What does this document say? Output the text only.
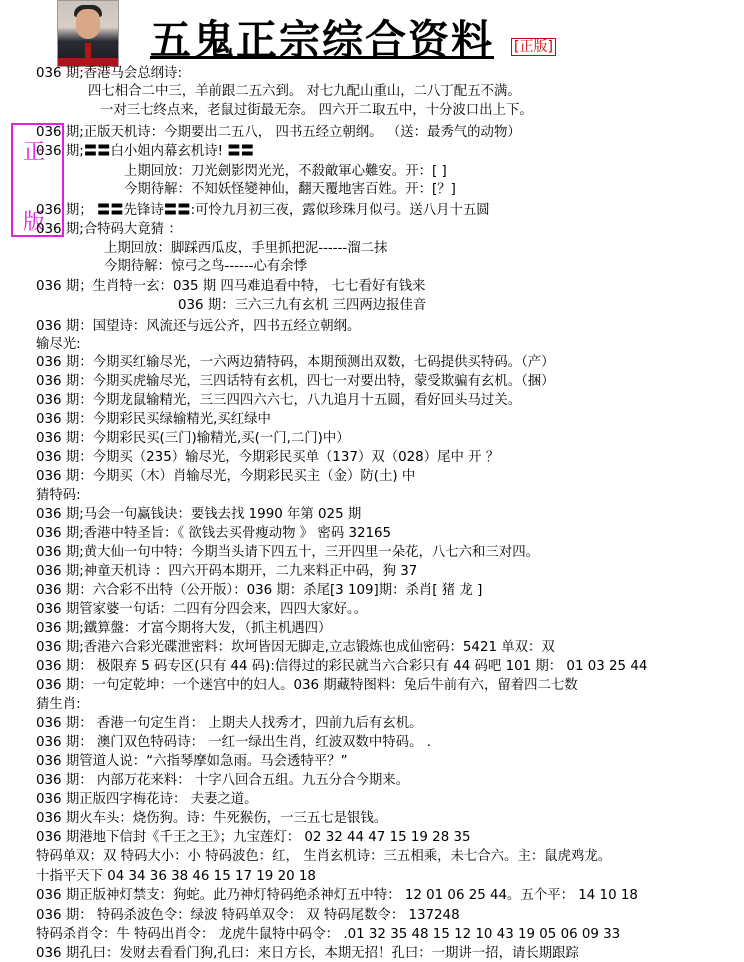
五鬼正宗综合资料 [正版]
正
版
036 期;香港马会总纲诗:
四七相合二中三，羊前跟二五六到。 对七九配山重山，二八丁配五不满。
一对三七终点来，老鼠过街最无奈。 四六开二取五中，十分波口出上下。
036 期;正版天机诗：今期要出二五八， 四书五经立朝纲。 （送：最秀气的动物）
036 期;〓〓白小姐内幕玄机诗! 〓〓
上期回放：刀光劍影閃光光，不殺敵軍心難安。开：[ ]
今期待解：不知妖怪變神仙，翻天覆地害百姓。开：[？]
036 期； 〓〓先锋诗〓〓:可怜九月初三夜，露似珍珠月似弓。送八月十五圆
036 期;合特码大竟猜 ：
上期回放：脚踩西瓜皮，手里抓把泥------溜二抹
今期待解：惊弓之鸟------心有余悸
036 期；生肖特一玄：035 期 四马难追看中特， 七七看好有钱来
036 期：三六三九有玄机 三四两边报佳音
036 期：国望诗：风流还与远公齐，四书五经立朝纲。
输尽光:
036 期：今期买红输尽光，一六两边猜特码，本期预测出双数，七码提供买特码。（产）
036 期：今期买虎输尽光，三四话特有玄机，四七一对要出特，蒙受欺骗有玄机。（捆）
036 期：今期龙鼠输精光，三三四四六六七，八九追月十五圆，看好回头马过关。
036 期：今期彩民买绿输精光,买红绿中
036 期：今期彩民买(三门)输精光,买(一门,二门)中）
036 期：今期买（235）输尽光，今期彩民买单（137）双（028）尾中 开 ？
036 期：今期买（木）肖输尽光，今期彩民买主（金）防(土) 中
猜特码:
036 期;马会一句赢钱诀：要钱去找 1990 年第 025 期
036 期;香港中特圣旨：《 欲钱去买骨瘦动物 》 密码 32165
036 期;黄大仙一句中特：今期当头请下四五十，三开四里一朵花，八七六和三对四。
036 期;神童天机诗 ：四六开码本期开，二九来料正中码，狗 37
036 期：六合彩不出特（公开版）：036 期：杀尾[3 109]期：杀肖[ 猪 龙 ]
036 期管家婆一句话：二四有分四会来，四四大家好。。
036 期;鐵算盤：才富今期将大发，（抓主机遇四）
036 期;香港六合彩光碟泄密料：坎坷皆因无脚走,立志锻炼也成仙密码：5421 单双：双
036 期： 极限弃 5 码专区(只有 44 码):信得过的彩民就当六合彩只有 44 码吧 101 期： 01 03 25 44
036 期：一句定乾坤：一个迷宫中的妇人。036 期藏特图料：兔后牛前有六，留着四二七数
猜生肖:
036 期： 香港一句定生肖： 上期夫人找秀才，四前九后有玄机。
036 期： 澳门双色特码诗： 一红一绿出生肖，红波双数中特码。 .
036 期管道人说：“六指琴摩如急雨。马会透特平？”
036 期： 内部万花来料： 十字八回合五组。九五分合今期来。
036 期正版四字梅花诗： 夫妻之道。
036 期火车头：烧伤狗。诗：牛死猴伤，一三五七是银钱。
036 期港地下信封《千王之王》；九宝莲灯： 02 32 44 47 15 19 28 35
特码单双：双 特码大小：小 特码波色：红， 生肖玄机诗：三五相乘，未七合六。主：鼠虎鸡龙。
十指平天下 04 34 36 38 46 15 17 19 20 18
036 期正版神灯禁支：狗蛇。此乃神灯特码绝杀神灯五中特： 12 01 06 25 44。五个平： 14 10 18
036 期： 特码杀波色令：绿波 特码单双令： 双 特码尾数令： 137248
特码杀肖令：牛 特码出肖令： 龙虎牛鼠特中码令： .01 32 35 48 15 12 10 43 19 05 06 09 33
036 期孔曰：发财去看看门狗,孔曰：来日方长，本期无招！孔曰：一期讲一招，请长期跟踪
